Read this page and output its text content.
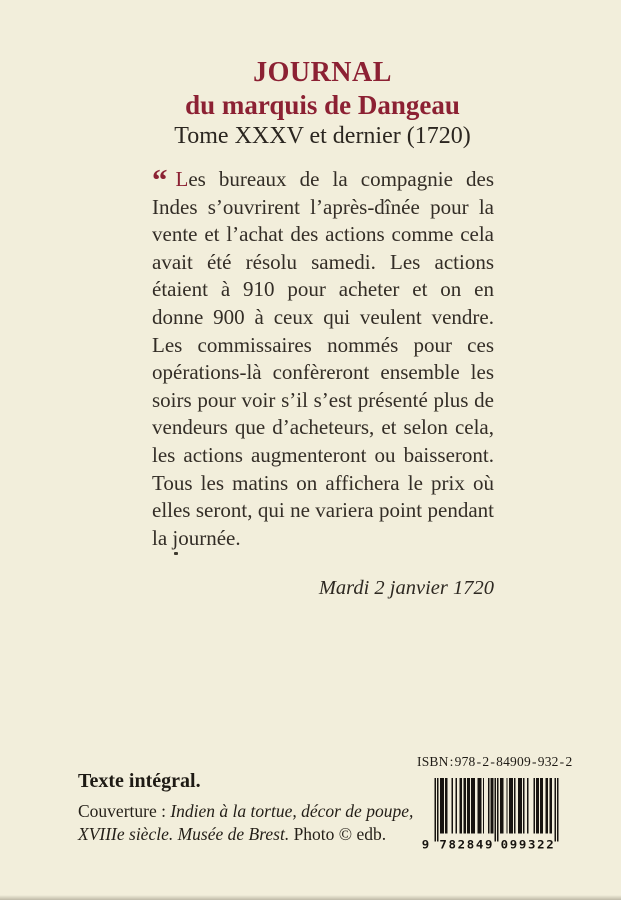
JOURNAL
du marquis de Dangeau
Tome XXXV et dernier (1720)

“ Les bureaux de la compagnie des Indes s’ouvrirent l’après-dînée pour la vente et l’achat des actions comme cela avait été résolu samedi. Les actions étaient à 910 pour acheter et on en donne 900 à ceux qui veulent vendre. Les commissaires nommés pour ces opérations-là confèreront ensemble les soirs pour voir s’il s’est présenté plus de vendeurs que d’acheteurs, et selon cela, les actions augmenteront ou baisseront. Tous les matins on affichera le prix où elles seront, qui ne variera point pendant la journée.

Mardi 2 janvier 1720

Texte intégral.

Couverture : Indien à la tortue, décor de poupe,

XVIIIe siècle. Musée de Brest. Photo © edb.

ISBN : 978 - 2 - 84909 - 932 - 2
9 7 8 2 8 4 9 0 9 9 3 2 2
